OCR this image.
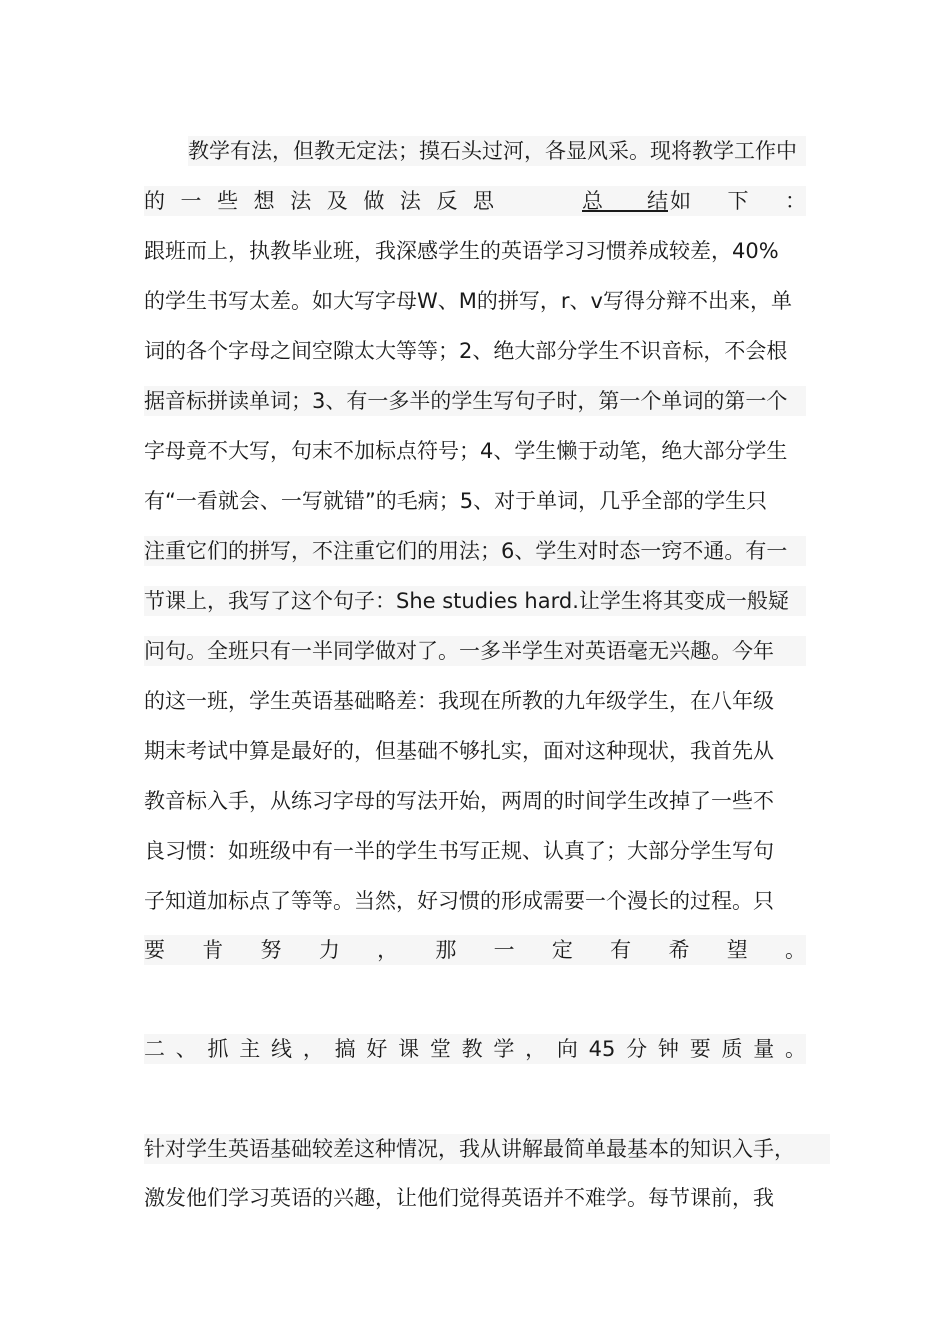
教学有法，但教无定法；摸石头过河，各显风采。现将教学工作中
的一些想法及做法反思	总结 如下：
跟班而上，执教毕业班，我深感学生的英语学习习惯养成较差，40%
的学生书写太差。如大写字母W、M的拼写，r、v写得分辩不出来，单
词的各个字母之间空隙太大等等；2、绝大部分学生不识音标，不会根
据音标拼读单词；3、有一多半的学生写句子时，第一个单词的第一个
字母竟不大写，句末不加标点符号；4、学生懒于动笔，绝大部分学生
有“一看就会、一写就错”的毛病；5、对于单词，几乎全部的学生只
注重它们的拼写，不注重它们的用法；6、学生对时态一窍不通。有一
节课上，我写了这个句子：She studies hard.让学生将其变成一般疑
问句。全班只有一半同学做对了。一多半学生对英语毫无兴趣。今年
的这一班，学生英语基础略差：我现在所教的九年级学生，在八年级
期末考试中算是最好的，但基础不够扎实，面对这种现状，我首先从
教音标入手，从练习字母的写法开始，两周的时间学生改掉了一些不
良习惯：如班级中有一半的学生书写正规、认真了；大部分学生写句
子知道加标点了等等。当然，好习惯的形成需要一个漫长的过程。只
要肯努力，那一定有希望。
二、抓主线，搞好课堂教学，向45分钟要质量。
针对学生英语基础较差这种情况，我从讲解最简单最基本的知识入手，
激发他们学习英语的兴趣，让他们觉得英语并不难学。每节课前，我
